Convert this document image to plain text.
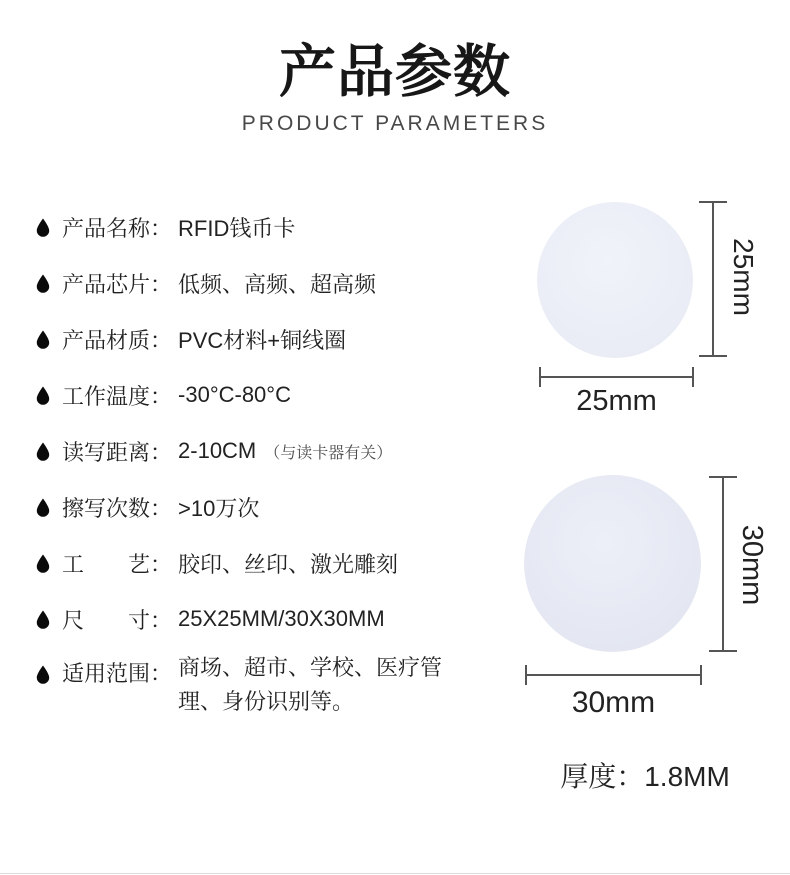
产品参数
PRODUCT PARAMETERS
产品名称 ： RFID钱币卡
产品芯片 ： 低频、高频、超高频
产品材质 ： PVC材料+铜线圈
工作温度 ： -30°C-80°C
读写距离 ： 2-10CM （与读卡器有关）
擦写次数 ： >10万次
工艺 ： 胶印、丝印、激光雕刻
尺寸 ： 25X25MM/30X30MM
适用范围 ： 商场、超市、学校、医疗管理、身份识别等。
25mm
25mm
30mm
30mm
厚度：1.8MM
